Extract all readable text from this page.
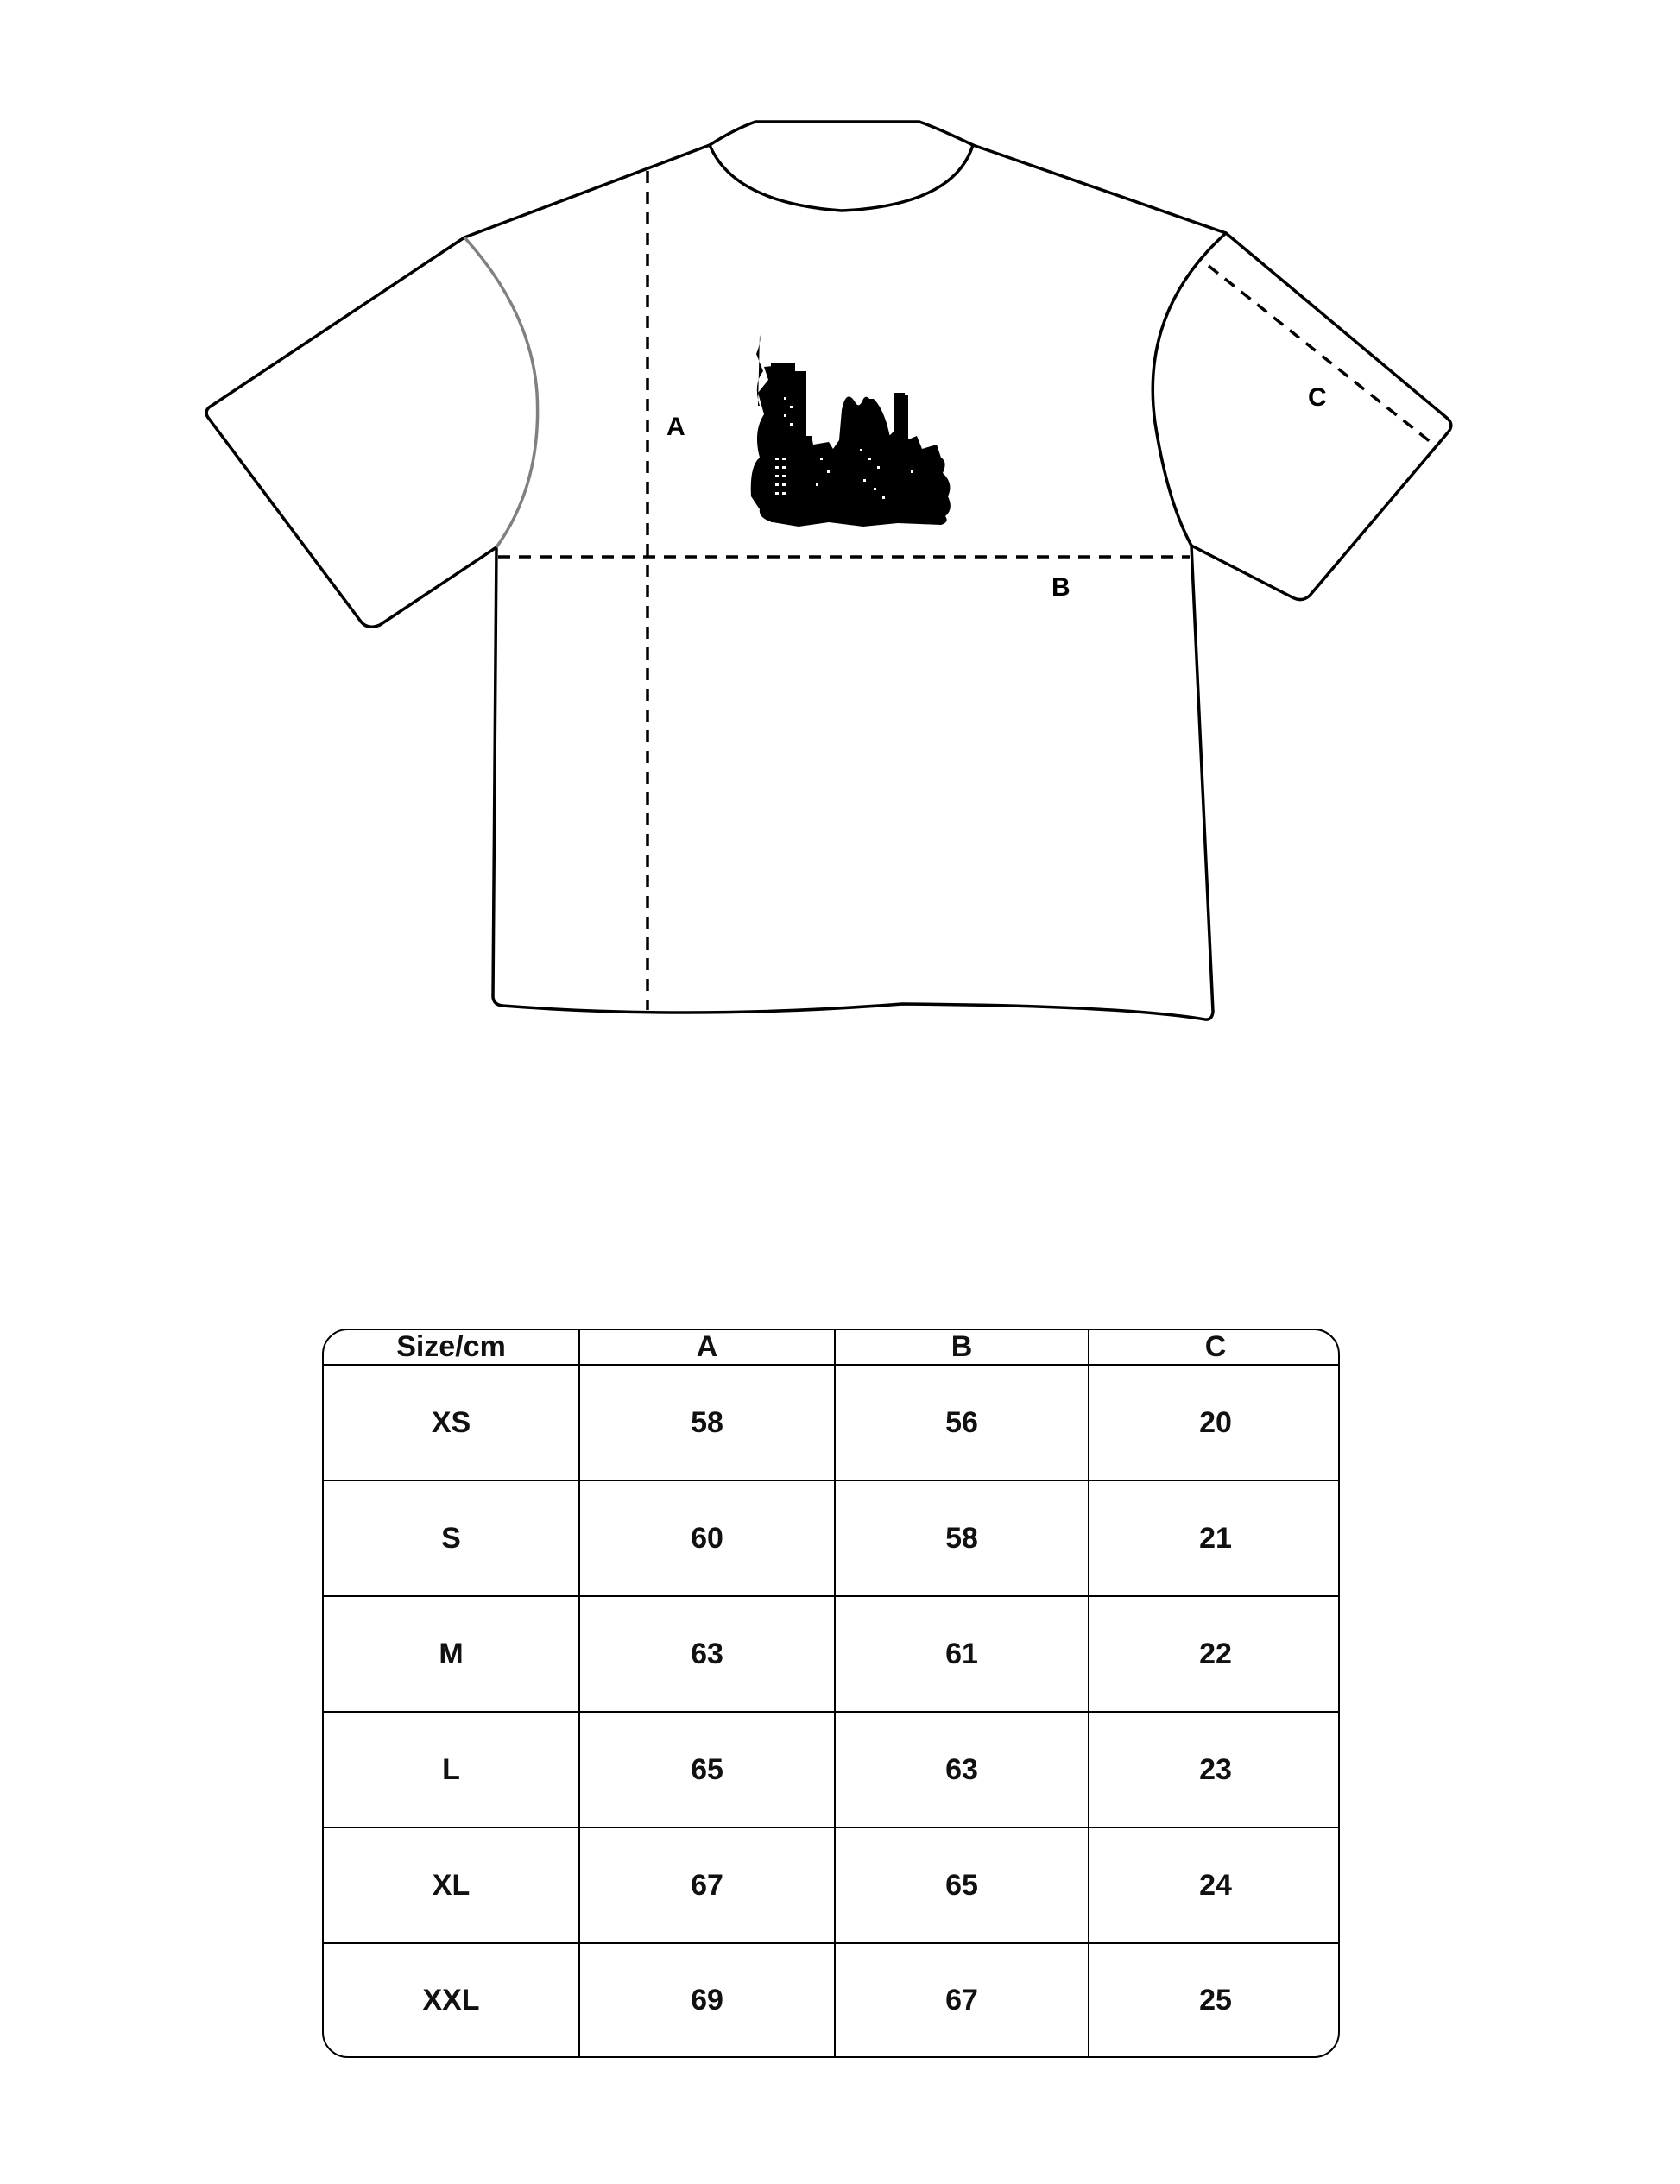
A
B
C
Size/cm	A	B	C
XS	58	56	20
S	60	58	21
M	63	61	22
L	65	63	23
XL	67	65	24
XXL	69	67	25
